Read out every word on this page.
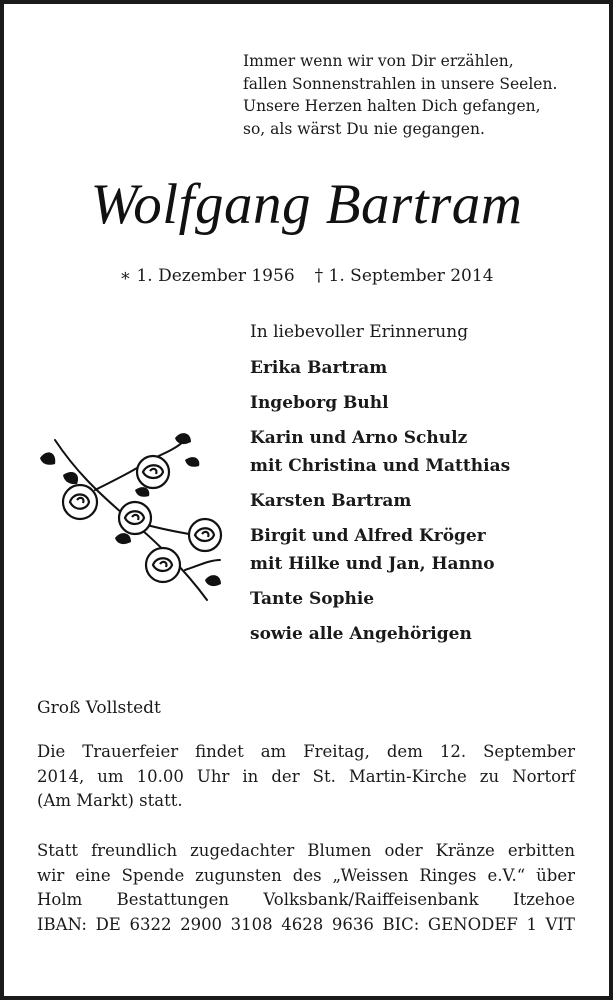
Immer wenn wir von Dir erzählen,
fallen Sonnenstrahlen in unsere Seelen.
Unsere Herzen halten Dich gefangen,
so, als wärst Du nie gegangen.
Wolfgang Bartram
∗ 1. Dezember 1956 † 1. September 2014
In liebevoller Erinnerung
Erika Bartram
Ingeborg Buhl
Karin und Arno Schulz
mit Christina und Matthias
Karsten Bartram
Birgit und Alfred Kröger
mit Hilke und Jan, Hanno
Tante Sophie
sowie alle Angehörigen
Groß Vollstedt
Die Trauerfeier findet am Freitag, dem 12. September
2014, um 10.00 Uhr in der St. Martin-Kirche zu Nortorf
(Am Markt) statt.
Statt freundlich zugedachter Blumen oder Kränze erbitten
wir eine Spende zugunsten des „Weissen Ringes e.V.“ über
Holm Bestattungen Volksbank/Raiffeisenbank Itzehoe
IBAN: DE 6322 2900 3108 4628 9636 BIC: GENODEF 1 VIT
